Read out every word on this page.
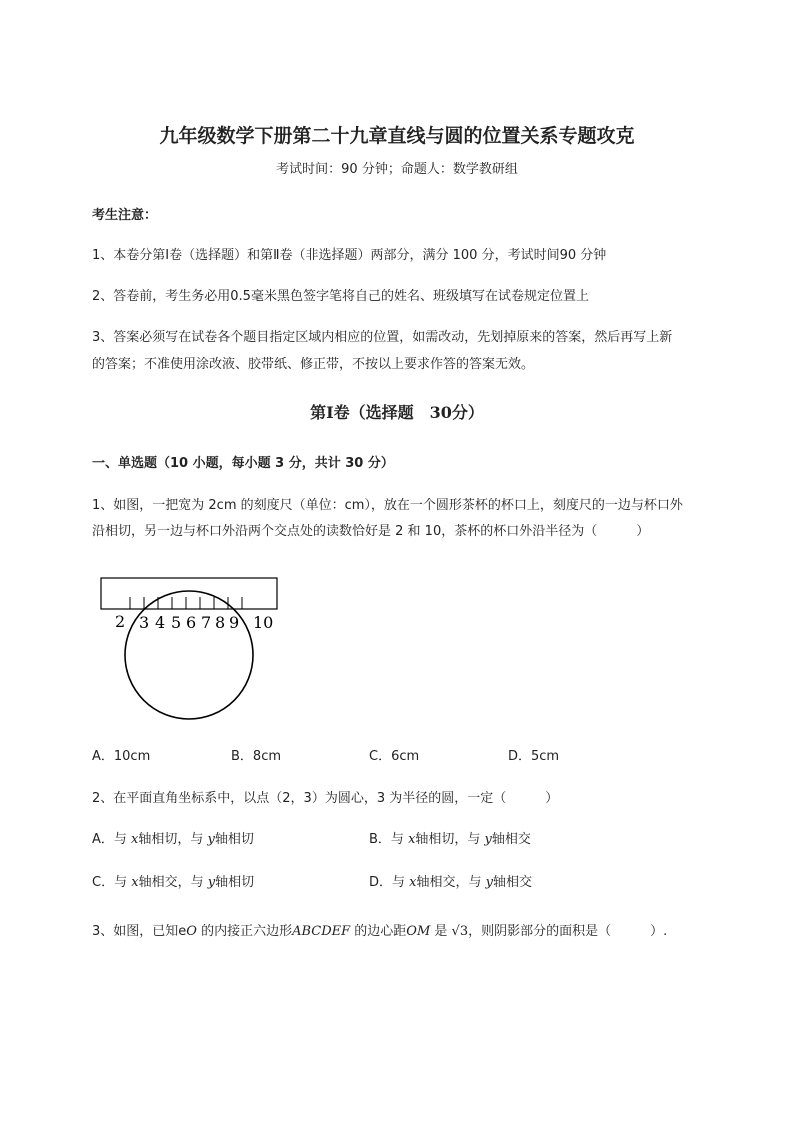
九年级数学下册第二十九章直线与圆的位置关系专题攻克
考试时间：90 分钟；命题人：数学教研组
考生注意：
1、本卷分第Ⅰ卷（选择题）和第Ⅱ卷（非选择题）两部分，满分 100 分，考试时间90 分钟
2、答卷前，考生务必用0.5毫米黑色签字笔将自己的姓名、班级填写在试卷规定位置上
3、答案必须写在试卷各个题目指定区域内相应的位置，如需改动，先划掉原来的答案，然后再写上新
的答案；不准使用涂改液、胶带纸、修正带，不按以上要求作答的答案无效。
第Ⅰ卷（选择题　30分）
一、单选题（10 小题，每小题 3 分，共计 30 分）
1、如图，一把宽为 2cm 的刻度尺（单位：cm），放在一个圆形茶杯的杯口上，刻度尺的一边与杯口外
沿相切，另一边与杯口外沿两个交点处的读数恰好是 2 和 10，茶杯的杯口外沿半径为（　　　）
2 3 4 5 6 7 8 9 10
A．10cm	B．8cm	C．6cm	D．5cm
2、在平面直角坐标系中，以点（2，3）为圆心，3 为半径的圆，一定（　　　）
A．与 x轴相切，与 y轴相切	B．与 x轴相切，与 y轴相交
C．与 x轴相交，与 y轴相切	D．与 x轴相交，与 y轴相交
3、如图，已知eO 的内接正六边形ABCDEF 的边心距OM 是 √3，则阴影部分的面积是（　　　）.
